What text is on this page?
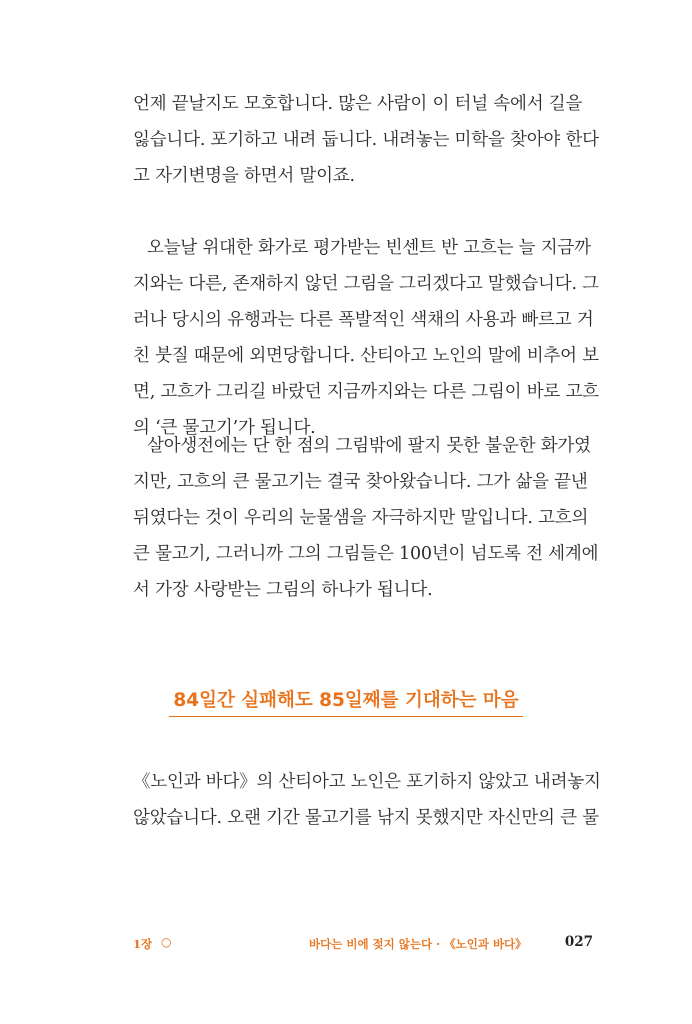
언제 끝날지도 모호합니다. 많은 사람이 이 터널 속에서 길을
잃습니다. 포기하고 내려 둡니다. 내려놓는 미학을 찾아야 한다
고 자기변명을 하면서 말이죠.

오늘날 위대한 화가로 평가받는 빈센트 반 고흐는 늘 지금까
지와는 다른, 존재하지 않던 그림을 그리겠다고 말했습니다. 그
러나 당시의 유행과는 다른 폭발적인 색채의 사용과 빠르고 거
친 붓질 때문에 외면당합니다. 산티아고 노인의 말에 비추어 보
면, 고흐가 그리길 바랐던 지금까지와는 다른 그림이 바로 고흐
의 ‘큰 물고기’가 됩니다.

살아생전에는 단 한 점의 그림밖에 팔지 못한 불운한 화가였
지만, 고흐의 큰 물고기는 결국 찾아왔습니다. 그가 삶을 끝낸
뒤였다는 것이 우리의 눈물샘을 자극하지만 말입니다. 고흐의
큰 물고기, 그러니까 그의 그림들은 100년이 넘도록 전 세계에
서 가장 사랑받는 그림의 하나가 됩니다.

84일간 실패해도 85일째를 기대하는 마음

《노인과 바다》의 산티아고 노인은 포기하지 않았고 내려놓지
않았습니다. 오랜 기간 물고기를 낚지 못했지만 자신만의 큰 물

1장 ○	바다는 비에 젖지 않는다 · 《노인과 바다》	027
